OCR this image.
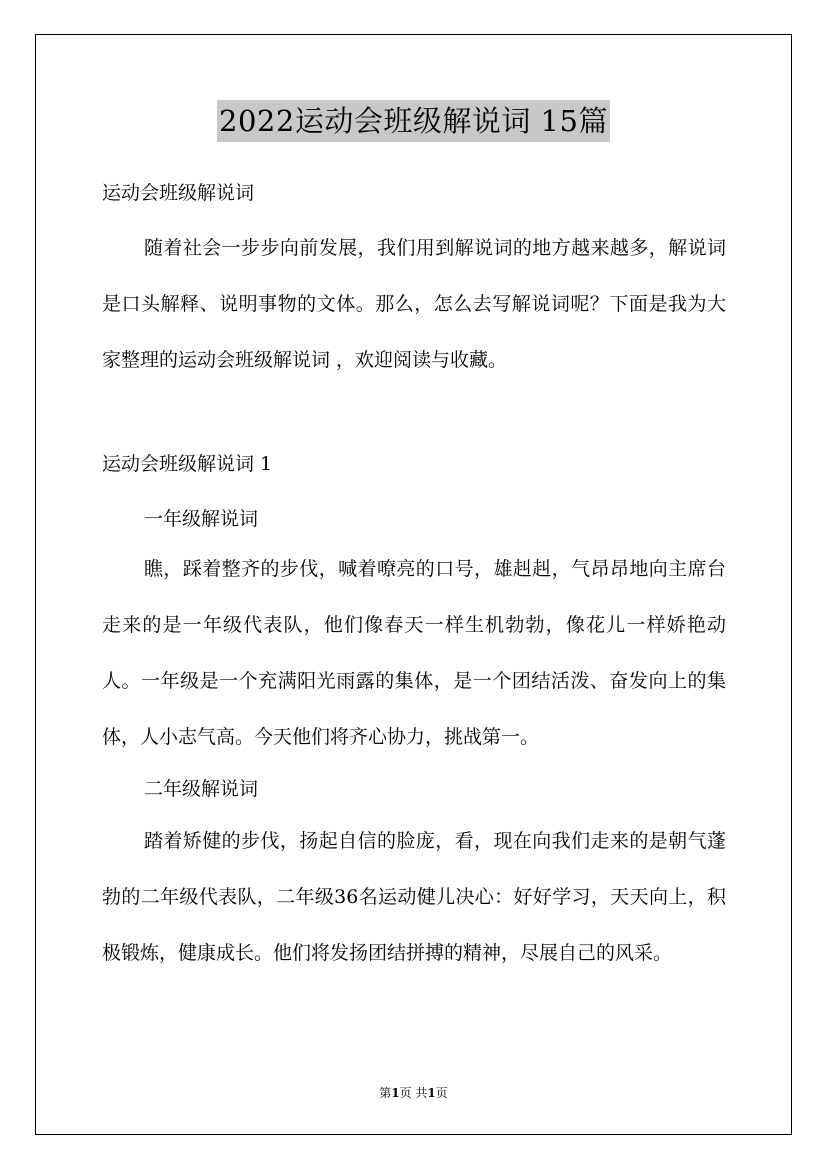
2022运动会班级解说词 15篇
运动会班级解说词
随着社会一步步向前发展，我们用到解说词的地方越来越多，解说词是口头解释、说明事物的文体。那么，怎么去写解说词呢？下面是我为大家整理的运动会班级解说词 ，欢迎阅读与收藏。
运动会班级解说词 1
一年级解说词
瞧，踩着整齐的步伐，喊着嘹亮的口号，雄赳赳，气昂昂地向主席台走来的是一年级代表队，他们像春天一样生机勃勃，像花儿一样娇艳动人。一年级是一个充满阳光雨露的集体，是一个团结活泼、奋发向上的集体，人小志气高。今天他们将齐心协力，挑战第一。
二年级解说词
踏着矫健的步伐，扬起自信的脸庞，看，现在向我们走来的是朝气蓬勃的二年级代表队，二年级36名运动健儿决心：好好学习，天天向上，积极锻炼，健康成长。他们将发扬团结拼搏的精神，尽展自己的风采。
第1页 共1页
